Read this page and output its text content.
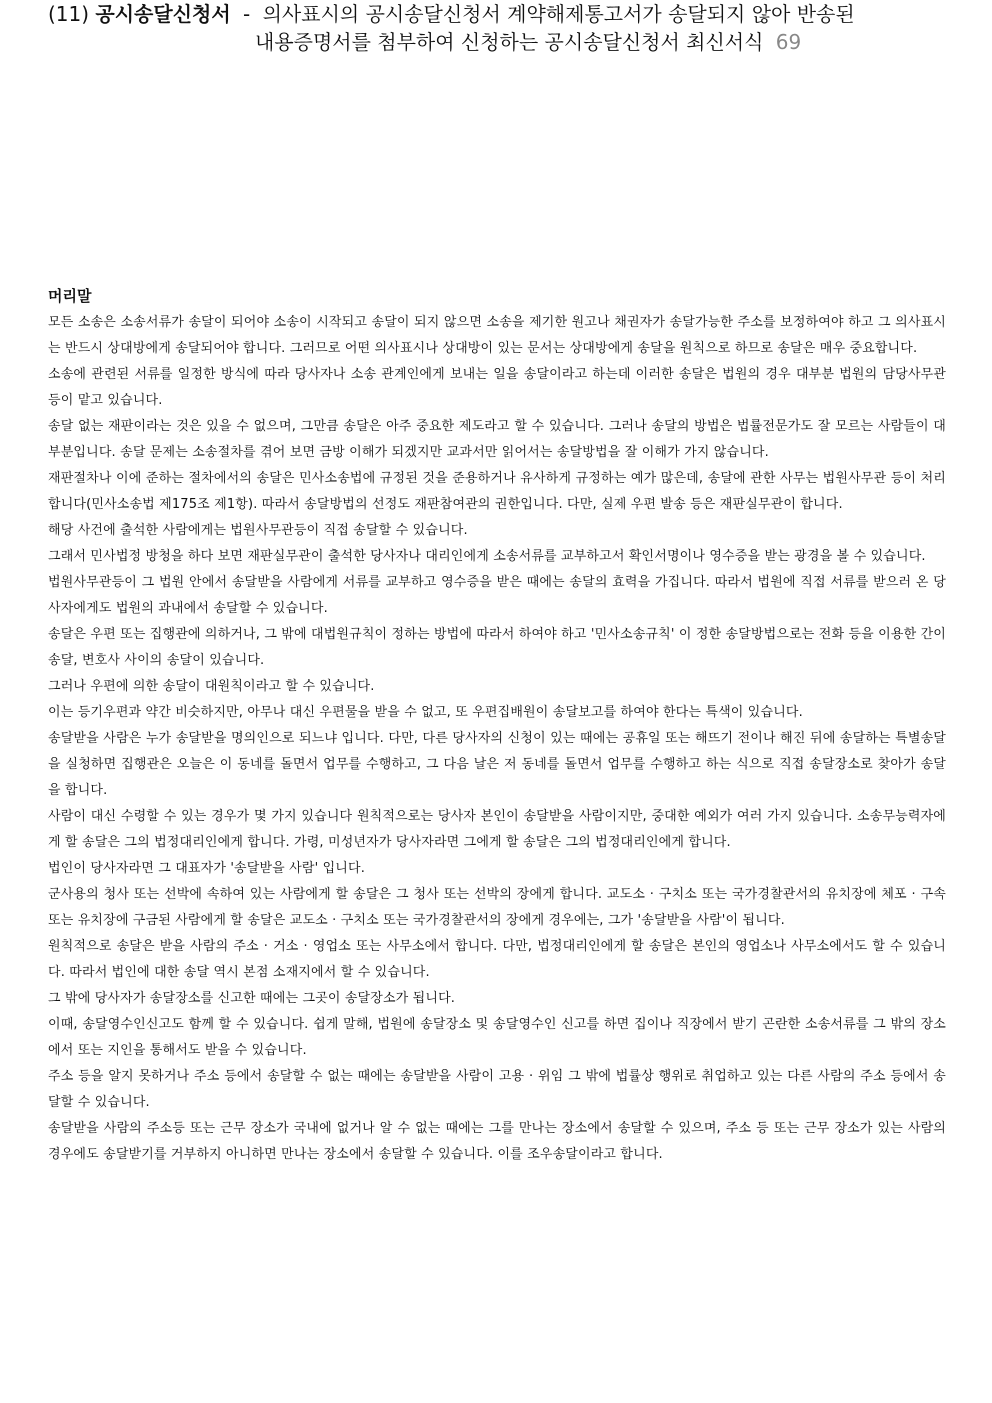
(11) 공시송달신청서 - 의사표시의 공시송달신청서 계약해제통고서가 송달되지 않아 반송된
내용증명서를 첨부하여 신청하는 공시송달신청서 최신서식 69
머리말

모든 소송은 소송서류가 송달이 되어야 소송이 시작되고 송달이 되지 않으면 소송을 제기한 원고나 채권자가 송달가능한 주소를 보정하여야 하고 그 의사표시는 반드시 상대방에게 송달되어야 합니다. 그러므로 어떤 의사표시나 상대방이 있는 문서는 상대방에게 송달을 원칙으로 하므로 송달은 매우 중요합니다.

소송에 관련된 서류를 일정한 방식에 따라 당사자나 소송 관계인에게 보내는 일을 송달이라고 하는데 이러한 송달은 법원의 경우 대부분 법원의 담당사무관 등이 맡고 있습니다.

송달 없는 재판이라는 것은 있을 수 없으며, 그만큼 송달은 아주 중요한 제도라고 할 수 있습니다. 그러나 송달의 방법은 법률전문가도 잘 모르는 사람들이 대부분입니다. 송달 문제는 소송절차를 겪어 보면 금방 이해가 되겠지만 교과서만 읽어서는 송달방법을 잘 이해가 가지 않습니다.

재판절차나 이에 준하는 절차에서의 송달은 민사소송법에 규정된 것을 준용하거나 유사하게 규정하는 예가 많은데, 송달에 관한 사무는 법원사무관 등이 처리합니다(민사소송법 제175조 제1항). 따라서 송달방법의 선정도 재판참여관의 권한입니다. 다만, 실제 우편 발송 등은 재판실무관이 합니다.

해당 사건에 출석한 사람에게는 법원사무관등이 직접 송달할 수 있습니다.

그래서 민사법정 방청을 하다 보면 재판실무관이 출석한 당사자나 대리인에게 소송서류를 교부하고서 확인서명이나 영수증을 받는 광경을 볼 수 있습니다.

법원사무관등이 그 법원 안에서 송달받을 사람에게 서류를 교부하고 영수증을 받은 때에는 송달의 효력을 가집니다. 따라서 법원에 직접 서류를 받으러 온 당사자에게도 법원의 과내에서 송달할 수 있습니다.

송달은 우편 또는 집행관에 의하거나, 그 밖에 대법원규칙이 정하는 방법에 따라서 하여야 하고 '민사소송규칙' 이 정한 송달방법으로는 전화 등을 이용한 간이송달, 변호사 사이의 송달이 있습니다.

그러나 우편에 의한 송달이 대원칙이라고 할 수 있습니다.

이는 등기우편과 약간 비슷하지만, 아무나 대신 우편물을 받을 수 없고, 또 우편집배원이 송달보고를 하여야 한다는 특색이 있습니다.

송달받을 사람은 누가 송달받을 명의인으로 되느냐 입니다. 다만, 다른 당사자의 신청이 있는 때에는 공휴일 또는 해뜨기 전이나 해진 뒤에 송달하는 특별송달을 실청하면 집행관은 오늘은 이 동네를 돌면서 업무를 수행하고, 그 다음 날은 저 동네를 돌면서 업무를 수행하고 하는 식으로 직접 송달장소로 찾아가 송달을 합니다.

사람이 대신 수령할 수 있는 경우가 몇 가지 있습니다 원칙적으로는 당사자 본인이 송달받을 사람이지만, 중대한 예외가 여러 가지 있습니다. 소송무능력자에게 할 송달은 그의 법정대리인에게 합니다. 가령, 미성년자가 당사자라면 그에게 할 송달은 그의 법정대리인에게 합니다.

법인이 당사자라면 그 대표자가 '송달받을 사람' 입니다.

군사용의 청사 또는 선박에 속하여 있는 사람에게 할 송달은 그 청사 또는 선박의 장에게 합니다. 교도소 · 구치소 또는 국가경찰관서의 유치장에 체포 · 구속 또는 유치장에 구금된 사람에게 할 송달은 교도소 · 구치소 또는 국가경찰관서의 장에게 경우에는, 그가 '송달받을 사람'이 됩니다.

원칙적으로 송달은 받을 사람의 주소 · 거소 · 영업소 또는 사무소에서 합니다. 다만, 법정대리인에게 할 송달은 본인의 영업소나 사무소에서도 할 수 있습니다. 따라서 법인에 대한 송달 역시 본점 소재지에서 할 수 있습니다.

그 밖에 당사자가 송달장소를 신고한 때에는 그곳이 송달장소가 됩니다.

이때, 송달영수인신고도 함께 할 수 있습니다. 쉽게 말해, 법원에 송달장소 및 송달영수인 신고를 하면 집이나 직장에서 받기 곤란한 소송서류를 그 밖의 장소에서 또는 지인을 통해서도 받을 수 있습니다.

주소 등을 알지 못하거나 주소 등에서 송달할 수 없는 때에는 송달받을 사람이 고용 · 위임 그 밖에 법률상 행위로 취업하고 있는 다른 사람의 주소 등에서 송달할 수 있습니다.

송달받을 사람의 주소등 또는 근무 장소가 국내에 없거나 알 수 없는 때에는 그를 만나는 장소에서 송달할 수 있으며, 주소 등 또는 근무 장소가 있는 사람의 경우에도 송달받기를 거부하지 아니하면 만나는 장소에서 송달할 수 있습니다. 이를 조우송달이라고 합니다.
